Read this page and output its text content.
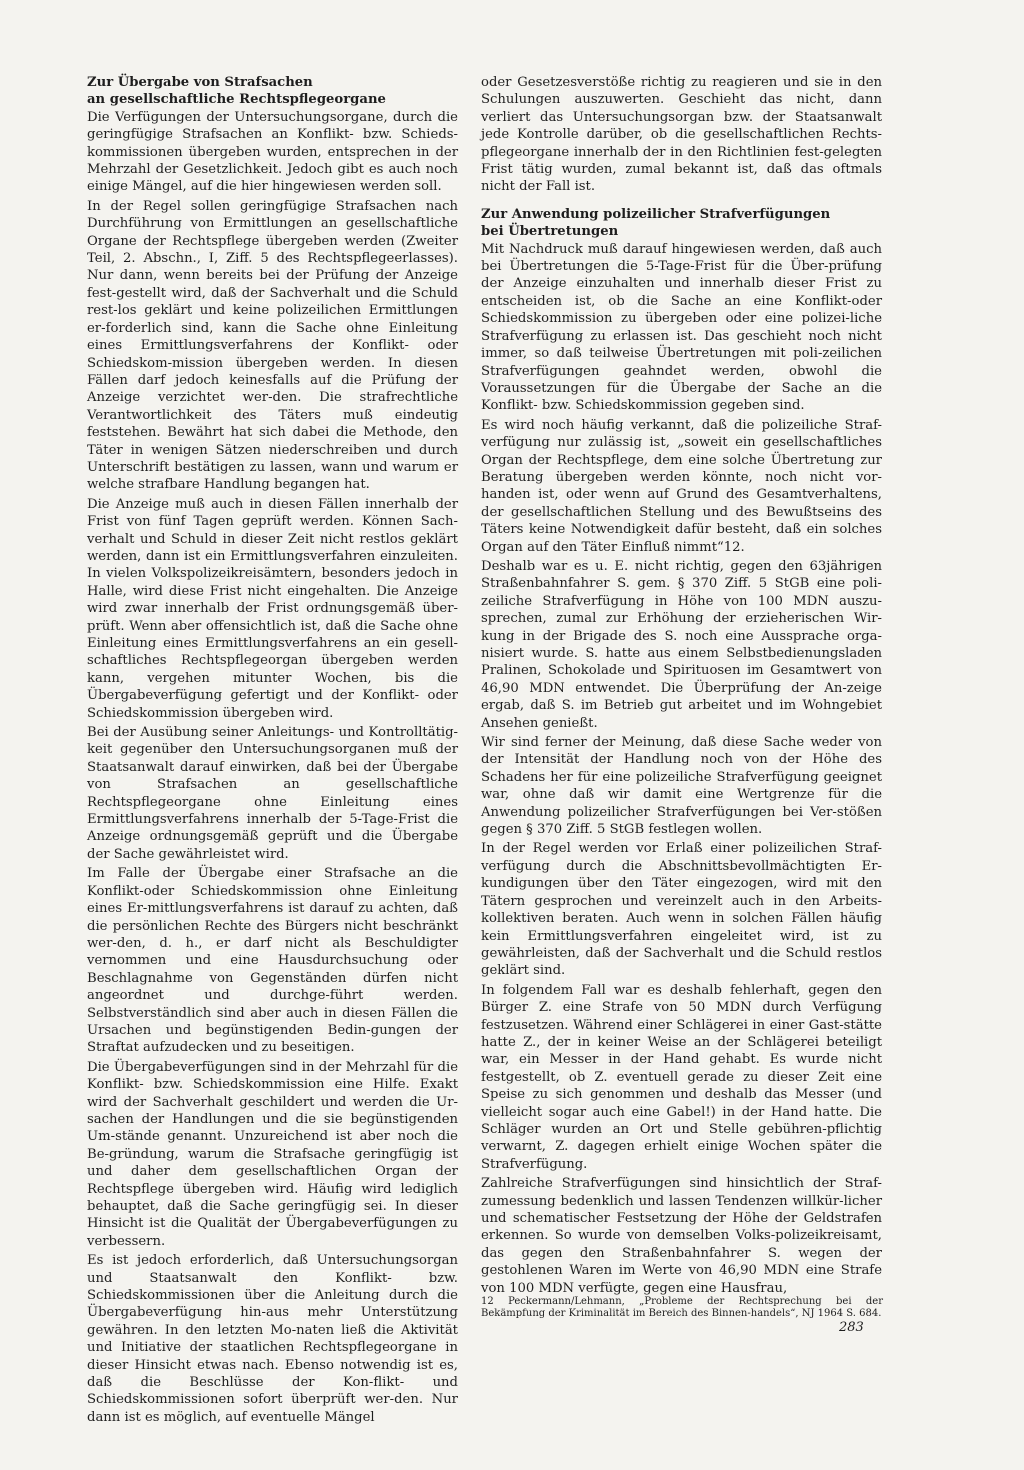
Zur Übergabe von Strafsachen
an gesellschaftliche Rechtspflegeorgane

Die Verfügungen der Untersuchungsorgane, durch die geringfügige Strafsachen an Konflikt- bzw. Schieds-kommissionen übergeben wurden, entsprechen in der Mehrzahl der Gesetzlichkeit. Jedoch gibt es auch noch einige Mängel, auf die hier hingewiesen werden soll.

In der Regel sollen geringfügige Strafsachen nach Durchführung von Ermittlungen an gesellschaftliche Organe der Rechtspflege übergeben werden (Zweiter Teil, 2. Abschn., I, Ziff. 5 des Rechtspflegeerlasses). Nur dann, wenn bereits bei der Prüfung der Anzeige fest-gestellt wird, daß der Sachverhalt und die Schuld rest-los geklärt und keine polizeilichen Ermittlungen er-forderlich sind, kann die Sache ohne Einleitung eines Ermittlungsverfahrens der Konflikt- oder Schiedskom-mission übergeben werden. In diesen Fällen darf jedoch keinesfalls auf die Prüfung der Anzeige verzichtet wer-den. Die strafrechtliche Verantwortlichkeit des Täters muß eindeutig feststehen. Bewährt hat sich dabei die Methode, den Täter in wenigen Sätzen niederschreiben und durch Unterschrift bestätigen zu lassen, wann und warum er welche strafbare Handlung begangen hat.

Die Anzeige muß auch in diesen Fällen innerhalb der Frist von fünf Tagen geprüft werden. Können Sach-verhalt und Schuld in dieser Zeit nicht restlos geklärt werden, dann ist ein Ermittlungsverfahren einzuleiten. In vielen Volkspolizeikreisämtern, besonders jedoch in Halle, wird diese Frist nicht eingehalten. Die Anzeige wird zwar innerhalb der Frist ordnungsgemäß über-prüft. Wenn aber offensichtlich ist, daß die Sache ohne Einleitung eines Ermittlungsverfahrens an ein gesell-schaftliches Rechtspflegeorgan übergeben werden kann, vergehen mitunter Wochen, bis die Übergabeverfügung gefertigt und der Konflikt- oder Schiedskommission übergeben wird.

Bei der Ausübung seiner Anleitungs- und Kontrolltätig-keit gegenüber den Untersuchungsorganen muß der Staatsanwalt darauf einwirken, daß bei der Übergabe von Strafsachen an gesellschaftliche Rechtspflegeorgane ohne Einleitung eines Ermittlungsverfahrens innerhalb der 5-Tage-Frist die Anzeige ordnungsgemäß geprüft und die Übergabe der Sache gewährleistet wird.

Im Falle der Übergabe einer Strafsache an die Konflikt-oder Schiedskommission ohne Einleitung eines Er-mittlungsverfahrens ist darauf zu achten, daß die persönlichen Rechte des Bürgers nicht beschränkt wer-den, d. h., er darf nicht als Beschuldigter vernommen und eine Hausdurchsuchung oder Beschlagnahme von Gegenständen dürfen nicht angeordnet und durchge-führt werden. Selbstverständlich sind aber auch in diesen Fällen die Ursachen und begünstigenden Bedin-gungen der Straftat aufzudecken und zu beseitigen.

Die Übergabeverfügungen sind in der Mehrzahl für die Konflikt- bzw. Schiedskommission eine Hilfe. Exakt wird der Sachverhalt geschildert und werden die Ur-sachen der Handlungen und die sie begünstigenden Um-stände genannt. Unzureichend ist aber noch die Be-gründung, warum die Strafsache geringfügig ist und daher dem gesellschaftlichen Organ der Rechtspflege übergeben wird. Häufig wird lediglich behauptet, daß die Sache geringfügig sei. In dieser Hinsicht ist die Qualität der Übergabeverfügungen zu verbessern.

Es ist jedoch erforderlich, daß Untersuchungsorgan und Staatsanwalt den Konflikt- bzw. Schiedskommissionen über die Anleitung durch die Übergabeverfügung hin-aus mehr Unterstützung gewähren. In den letzten Mo-naten ließ die Aktivität und Initiative der staatlichen Rechtspflegeorgane in dieser Hinsicht etwas nach. Ebenso notwendig ist es, daß die Beschlüsse der Kon-flikt- und Schiedskommissionen sofort überprüft wer-den. Nur dann ist es möglich, auf eventuelle Mängel

oder Gesetzesverstöße richtig zu reagieren und sie in den Schulungen auszuwerten. Geschieht das nicht, dann verliert das Untersuchungsorgan bzw. der Staatsanwalt jede Kontrolle darüber, ob die gesellschaftlichen Rechts-pflegeorgane innerhalb der in den Richtlinien fest-gelegten Frist tätig wurden, zumal bekannt ist, daß das oftmals nicht der Fall ist.

Zur Anwendung polizeilicher Strafverfügungen
bei Übertretungen

Mit Nachdruck muß darauf hingewiesen werden, daß auch bei Übertretungen die 5-Tage-Frist für die Über-prüfung der Anzeige einzuhalten und innerhalb dieser Frist zu entscheiden ist, ob die Sache an eine Konflikt-oder Schiedskommission zu übergeben oder eine polizei-liche Strafverfügung zu erlassen ist. Das geschieht noch nicht immer, so daß teilweise Übertretungen mit poli-zeilichen Strafverfügungen geahndet werden, obwohl die Voraussetzungen für die Übergabe der Sache an die Konflikt- bzw. Schiedskommission gegeben sind.

Es wird noch häufig verkannt, daß die polizeiliche Straf-verfügung nur zulässig ist, „soweit ein gesellschaftliches Organ der Rechtspflege, dem eine solche Übertretung zur Beratung übergeben werden könnte, noch nicht vor-handen ist, oder wenn auf Grund des Gesamtverhaltens, der gesellschaftlichen Stellung und des Bewußtseins des Täters keine Notwendigkeit dafür besteht, daß ein solches Organ auf den Täter Einfluß nimmt“12.

Deshalb war es u. E. nicht richtig, gegen den 63jährigen Straßenbahnfahrer S. gem. § 370 Ziff. 5 StGB eine poli-zeiliche Strafverfügung in Höhe von 100 MDN auszu-sprechen, zumal zur Erhöhung der erzieherischen Wir-kung in der Brigade des S. noch eine Aussprache orga-nisiert wurde. S. hatte aus einem Selbstbedienungsladen Pralinen, Schokolade und Spirituosen im Gesamtwert von 46,90 MDN entwendet. Die Überprüfung der An-zeige ergab, daß S. im Betrieb gut arbeitet und im Wohngebiet Ansehen genießt.

Wir sind ferner der Meinung, daß diese Sache weder von der Intensität der Handlung noch von der Höhe des Schadens her für eine polizeiliche Strafverfügung geeignet war, ohne daß wir damit eine Wertgrenze für die Anwendung polizeilicher Strafverfügungen bei Ver-stößen gegen § 370 Ziff. 5 StGB festlegen wollen.

In der Regel werden vor Erlaß einer polizeilichen Straf-verfügung durch die Abschnittsbevollmächtigten Er-kundigungen über den Täter eingezogen, wird mit den Tätern gesprochen und vereinzelt auch in den Arbeits-kollektiven beraten. Auch wenn in solchen Fällen häufig kein Ermittlungsverfahren eingeleitet wird, ist zu gewährleisten, daß der Sachverhalt und die Schuld restlos geklärt sind.

In folgendem Fall war es deshalb fehlerhaft, gegen den Bürger Z. eine Strafe von 50 MDN durch Verfügung festzusetzen. Während einer Schlägerei in einer Gast-stätte hatte Z., der in keiner Weise an der Schlägerei beteiligt war, ein Messer in der Hand gehabt. Es wurde nicht festgestellt, ob Z. eventuell gerade zu dieser Zeit eine Speise zu sich genommen und deshalb das Messer (und vielleicht sogar auch eine Gabel!) in der Hand hatte. Die Schläger wurden an Ort und Stelle gebühren-pflichtig verwarnt, Z. dagegen erhielt einige Wochen später die Strafverfügung.

Zahlreiche Strafverfügungen sind hinsichtlich der Straf-zumessung bedenklich und lassen Tendenzen willkür-licher und schematischer Festsetzung der Höhe der Geldstrafen erkennen. So wurde von demselben Volks-polizeikreisamt, das gegen den Straßenbahnfahrer S. wegen der gestohlenen Waren im Werte von 46,90 MDN eine Strafe von 100 MDN verfügte, gegen eine Hausfrau,

12 Peckermann/Lehmann, „Probleme der Rechtsprechung bei der Bekämpfung der Kriminalität im Bereich des Binnen-handels“, NJ 1964 S. 684.

283
